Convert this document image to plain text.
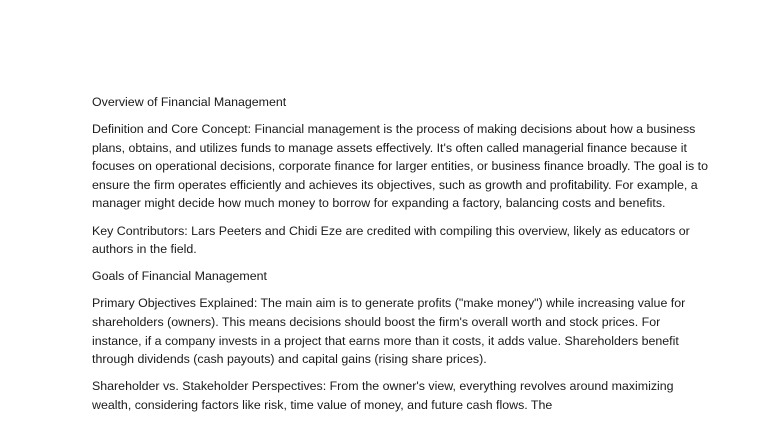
Overview of Financial Management

Definition and Core Concept: Financial management is the process of making decisions about how a business plans, obtains, and utilizes funds to manage assets effectively. It's often called managerial finance because it focuses on operational decisions, corporate finance for larger entities, or business finance broadly. The goal is to ensure the firm operates efficiently and achieves its objectives, such as growth and profitability. For example, a manager might decide how much money to borrow for expanding a factory, balancing costs and benefits.

Key Contributors: Lars Peeters and Chidi Eze are credited with compiling this overview, likely as educators or authors in the field.

Goals of Financial Management

Primary Objectives Explained: The main aim is to generate profits ("make money") while increasing value for shareholders (owners). This means decisions should boost the firm's overall worth and stock prices. For instance, if a company invests in a project that earns more than it costs, it adds value. Shareholders benefit through dividends (cash payouts) and capital gains (rising share prices).

Shareholder vs. Stakeholder Perspectives: From the owner's view, everything revolves around maximizing wealth, considering factors like risk, time value of money, and future cash flows. The
